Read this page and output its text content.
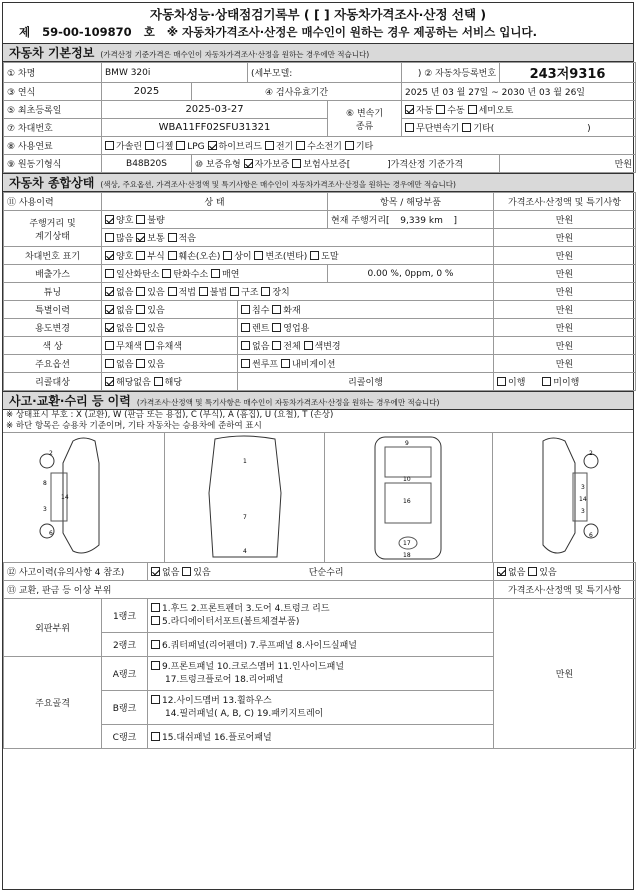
자동차성능·상태점검기록부 ( [ ] 자동차가격조사·산정 선택 )
제 59-00-109870 호 ※ 자동차가격조사·산정은 매수인이 원하는 경우 제공하는 서비스 입니다.
자동차 기본정보 (가격산정 기준가격은 매수인이 자동차가격조사·산정을 원하는 경우에만 적습니다)
① 차명	BMW 320i		(세부모델:		) ② 자동차등록번호	243저9316
③ 연식	2025	④ 검사유효기간			2025 년 03 월 27일 ~ 2030 년 03 월 26일	
⑤ 최초등록일	2025-03-27			⑥ 변속기
종류	자동 수동 세미오토	
⑦ 차대번호	WBA11FF02SFU31321				무단변속기 기타( )	
⑧ 사용연료	가솔린 디젤 LPG 하이브리드 전기 수소전기 기타					
⑨ 원동기형식	B48B20S	⑩ 보증유형 자가보증 보험사보증[ ]가격산정 기준가격				만원
자동차 종합상태 (색상, 주요옵션, 가격조사·산정액 및 특기사항은 매수인이 자동차가격조사·산정을 원하는 경우에만 적습니다)
⑪ 사용이력	상 태		항목 / 해당부품	가격조사·산정액 및 특기사항

주행거리 및
계기상태	양호 불량		현재 주행거리[ 9,339 km ]	만원
	많음 보통 적음			만원
차대번호 표기	양호 부식 훼손(오손) 상이 변조(변타) 도말			만원
배출가스	일산화탄소 탄화수소 매연		0.00 %, 0ppm, 0 %	만원
튜닝	없음 있음 적법 불법 구조 장치			만원
특별이력	없음 있음	침수 화재		만원
용도변경	없음 있음	렌트 영업용		만원
색 상	무채색 유채색	없음 전체 색변경		만원
주요옵션	없음 있음	썬루프 내비게이션		만원
리콜대상	해당없음 해당	리콜이행		이행 미이행
사고·교환·수리 등 이력 (가격조사·산정액 및 특기사항은 매수인이 자동차가격조사·산정을 원하는 경우에만 적습니다)
※ 상태표시 부호 : X (교환), W (판금 또는 용접), C (부식), A (흠집), U (요철), T (손상)
※ 하단 항목은 승용차 기준이며, 기타 자동차는 승용차에 준하여 표시
8
14
3
6
2
1
7
4
9
10
16
17
18
2
3
14
3
6
⑫ 사고이력(유의사항 4 참조)		없음 있음 단순수리	없음 있음
⑬ 교환, 판금 등 이상 부위			가격조사·산정액 및 특기사항
외판부위	1랭크	1.후드 2.프론트펜더 3.도어 4.트렁크 리드
5.라디에이터서포트(볼트체결부품)	만원
	2랭크	6.쿼터패널(리어펜더) 7.루프패널 8.사이드실패널	
주요골격	A랭크	9.프론트패널 10.크로스멤버 11.인사이드패널
17.트렁크플로어 18.리어패널	

	B랭크	12.사이드멤버 13.휠하우스
14.필러패널( A, B, C) 19.패키지트레이	

	C랭크	15.대쉬패널 16.플로어패널	
